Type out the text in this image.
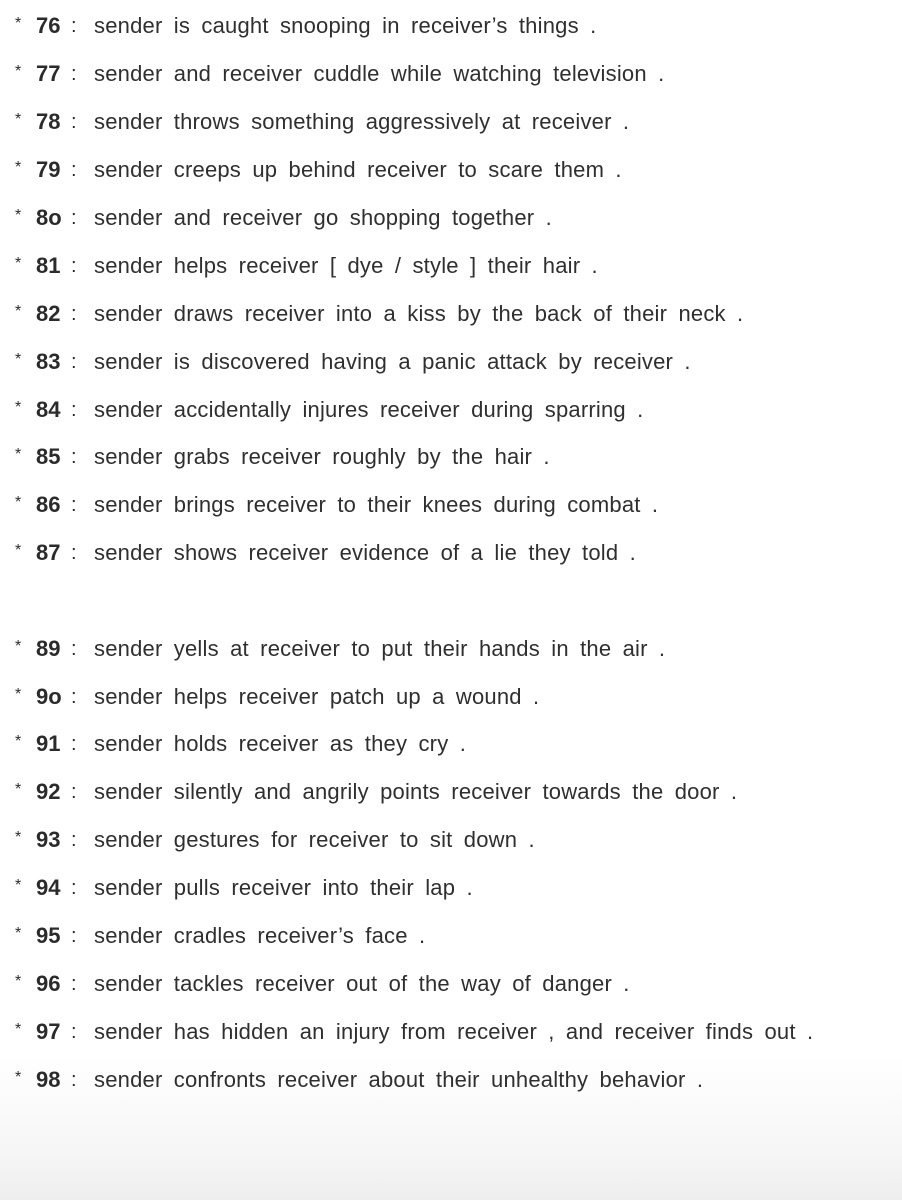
* 76 : sender is caught snooping in receiver’s things .
* 77 : sender and receiver cuddle while watching television .
* 78 : sender throws something aggressively at receiver .
* 79 : sender creeps up behind receiver to scare them .
* 8o : sender and receiver go shopping together .
* 81 : sender helps receiver [ dye / style ] their hair .
* 82 : sender draws receiver into a kiss by the back of their neck .
* 83 : sender is discovered having a panic attack by receiver .
* 84 : sender accidentally injures receiver during sparring .
* 85 : sender grabs receiver roughly by the hair .
* 86 : sender brings receiver to their knees during combat .
* 87 : sender shows receiver evidence of a lie they told .
* 89 : sender yells at receiver to put their hands in the air .
* 9o : sender helps receiver patch up a wound .
* 91 : sender holds receiver as they cry .
* 92 : sender silently and angrily points receiver towards the door .
* 93 : sender gestures for receiver to sit down .
* 94 : sender pulls receiver into their lap .
* 95 : sender cradles receiver’s face .
* 96 : sender tackles receiver out of the way of danger .
* 97 : sender has hidden an injury from receiver , and receiver finds out .
* 98 : sender confronts receiver about their unhealthy behavior .
